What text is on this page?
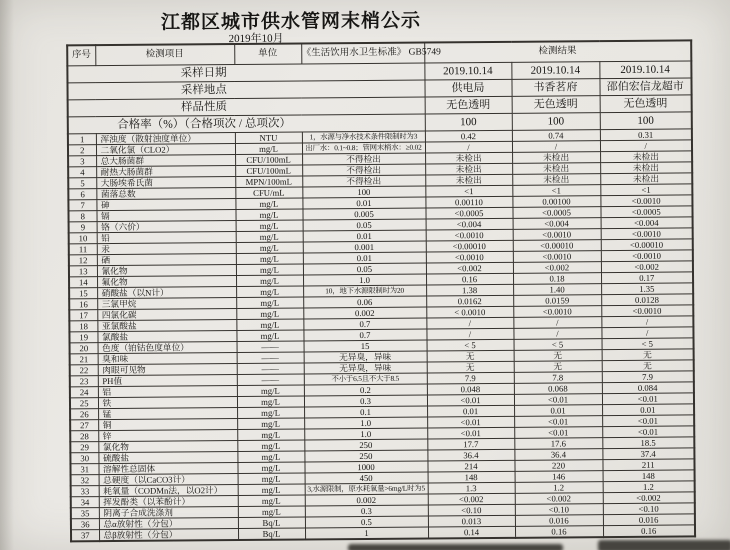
江都区城市供水管网末梢公示
2019年10月
采样日期				2019.10.14	2019.10.14	2019.10.14
采样地点				供电局	书香茗府	邵伯宏信龙超市
样品性质				无色透明	无色透明	无色透明
合格率（%）（合格项次 / 总项次）				100	100	100
序号	检测项目	单位	《生活饮用水卫生标准》 GB5749	检测结果		
1	浑浊度（散射浊度单位）	NTU	1，水源与净水技术条件限制时为3	0.42	0.74	0.31
2	二氧化氯（CLO2）	mg/L	出厂水：0.1~0.8；管网末梢水：≥0.02	/	/	/
3	总大肠菌群	CFU/100mL	不得检出	未检出	未检出	未检出
4	耐热大肠菌群	CFU/100mL	不得检出	未检出	未检出	未检出
5	大肠埃希氏菌	MPN/100mL	不得检出	未检出	未检出	未检出
6	菌落总数	CFU/mL	100	<1	<1	<1
7	砷	mg/L	0.01	0.00110	0.00100	<0.0010
8	镉	mg/L	0.005	<0.0005	<0.0005	<0.0005
9	铬（六价）	mg/L	0.05	<0.004	<0.004	<0.004
10	铅	mg/L	0.01	<0.0010	<0.0010	<0.0010
11	汞	mg/L	0.001	<0.00010	<0.00010	<0.00010
12	硒	mg/L	0.01	<0.0010	<0.0010	<0.0010
13	氰化物	mg/L	0.05	<0.002	<0.002	<0.002
14	氟化物	mg/L	1.0	0.16	0.18	0.17
15	硝酸盐（以N计）	mg/L	10，地下水源限制时为20	1.38	1.40	1.35
16	三氯甲烷	mg/L	0.06	0.0162	0.0159	0.0128
17	四氯化碳	mg/L	0.002	< 0.0010	<0.0010	<0.0010
18	亚氯酸盐	mg/L	0.7	/	/	/
19	氯酸盐	mg/L	0.7	/	/	/
20	色度（铂钴色度单位）	——	15	< 5	< 5	< 5
21	臭和味	——	无异臭，异味	无	无	无
22	肉眼可见物	——	无异臭，异味	无	无	无
23	PH值	——	不小于6.5且不大于8.5	7.9	7.8	7.9
24	铝	mg/L	0.2	0.048	0.068	0.084
25	铁	mg/L	0.3	<0.01	<0.01	<0.01
26	锰	mg/L	0.1	0.01	0.01	0.01
27	铜	mg/L	1.0	<0.01	<0.01	<0.01
28	锌	mg/L	1.0	<0.01	<0.01	<0.01
29	氯化物	mg/L	250	17.7	17.6	18.5
30	硫酸盐	mg/L	250	36.4	36.4	37.4
31	溶解性总固体	mg/L	1000	214	220	211
32	总硬度（以CaCO3计）	mg/L	450	148	146	148
33	耗氧量（CODMn法，以O2计）	mg/L	3,水源限制，原水耗氧量>6mg/L时为5	1.3	1.2	1.2
34	挥发酚类（以苯酚计）	mg/L	0.002	<0.002	<0.002	<0.002
35	阴离子合成洗涤剂	mg/L	0.3	<0.10	<0.10	<0.10
36	总α放射性（分包）	Bq/L	0.5	0.013	0.016	0.016
37	总β放射性（分包）	Bq/L	1	0.14	0.16	0.16
